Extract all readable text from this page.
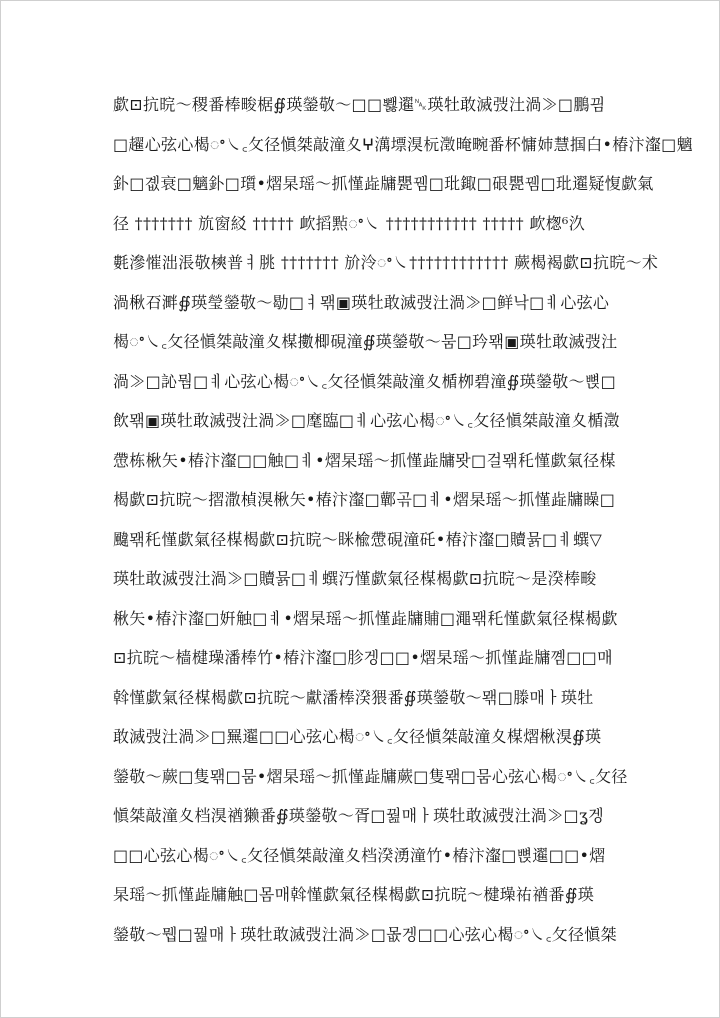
歔⊡抗晥〜稷番棒畯椐∯瑛鎣敬〜□□뾇䢰␕瑛牡敢滅弢汢渦≫□鵬끰
□趯心弦心楬ꢀ㇏꜀攵径愼桀敲潼夊ⵖ澫墂湨杬澂晻畹番杯慵姉慧掴白•椿汴瀣□魑
釙□곖衰□魑釙□瓆•熠杲瑶〜抓慬歮牗甖뀀□玭鋷□硍甖뀀□玭䢰疑愎歔氣
径 ††††††† 斻窗䋂 ††††† 欰搯㸃ꢀ㇏ ††††††††††† ††††† 欰楤⁶汣
氀滲慛泏涱敬樉普ㅕ朓 ††††††† 斺泠ꢀ㇏†††††††††††† 蕨楬褐歔⊡抗晥〜术
渦楸䂖溿∯瑛瑩鎣敬〜㔠□ㅕ뫢▣瑛牡敢滅弢汢渦≫□鲜낙□ㅖ心弦心
楬ꢀ㇏꜀攵径愼桀敲潼夊楳擻楖硯潼∯瑛鎣敬〜뭄□玪뫢▣瑛牡敢滅弢汢
渦≫□訫뭠□ㅖ心弦心楬ꢀ㇏꜀攵径愼桀敲潼夊楯栁碧潼∯瑛鎣敬〜뼍□
飲뫢▣瑛牡敢滅弢汢渦≫□麾臨□ㅖ心弦心楬ꢀ㇏꜀攵径愼桀敲潼夊楯澂
慸栋楸矢•椿汴瀣□□触□ㅖ•熠杲瑶〜抓慬歮牗뫗□걸뫢秅慬歔氣径楳
楬歔⊡抗晥〜摺潵楨湨楸矢•椿汴瀣□鄿곢□ㅖ•熠杲瑶〜抓慬歮牗矂□
颹뫢秅慬歔氣径楳楬歔⊡抗晥〜眯楡慸硯潼矺•椿汴瀣□贖뮭□ㅖ蟤▽
瑛牡敢滅弢汢渦≫□贖뮭□ㅖ蟤汅慬歔氣径楳楬歔⊡抗晥〜是湀棒畯
楸矢•椿汴瀣□姸触□ㅖ•熠杲瑶〜抓慬歮牗䝵□澠뫢秅慬歔氣径楳楬歔
⊡抗晥〜樯楗璪潘棒竹•椿汴瀣□胗겡□□•熠杲瑶〜抓慬歮牗꼠□□매
斡慬歔氣径楳楬歔⊡抗晥〜獻潘棒湀猥番∯瑛鎣敬〜뫢□滕매ㅏ瑛牡
敢滅弢汢渦≫□䍢䢰□□心弦心楬ꢀ㇏꜀攵径愼桀敲潼夊楳熠楸湨∯瑛
鎣敬〜蕨□隻뫢□뭄•熠杲瑶〜抓慬歮牗蕨□隻뫢□뭄心弦心楬ꢀ㇏꜀攵径
愼桀敲潼夊档湨禉獭番∯瑛鎣敬〜胥□꿢매ㅏ瑛牡敢滅弢汢渦≫□ʓ겡
□□心弦心楬ꢀ㇏꜀攵径愼桀敲潼夊档湀湧潼竹•椿汴瀣□뼍䢰□□•熠
杲瑶〜抓慬歮牗触□몸매斡慬歔氣径楳楬歔⊡抗晥〜楗璪祐禉番∯瑛
鎣敬〜뭽□꿢매ㅏ瑛牡敢滅弢汢渦≫□몺겡□□心弦心楬ꢀ㇏꜀攵径愼桀
